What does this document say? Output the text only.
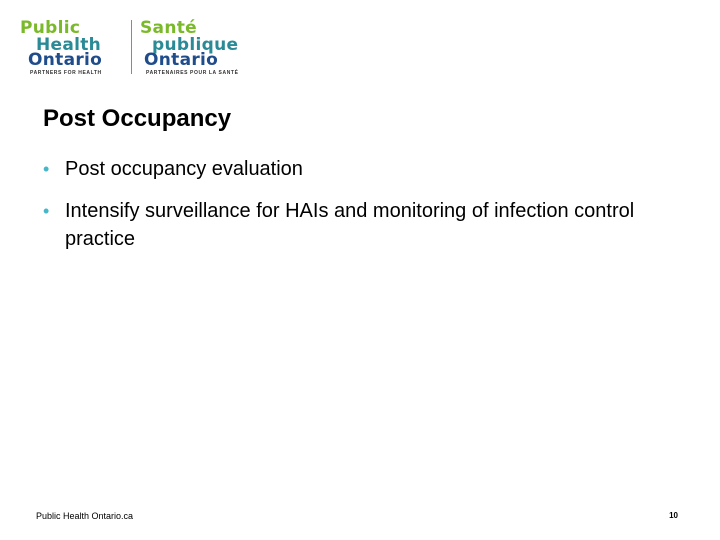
Public
Health
Ontario
PARTNERS FOR HEALTH
Santé
publique
Ontario
PARTENAIRES POUR LA SANTÉ
Post Occupancy
• Post occupancy evaluation
• Intensify surveillance for HAIs and monitoring of infection control practice
Public Health Ontario.ca	10
